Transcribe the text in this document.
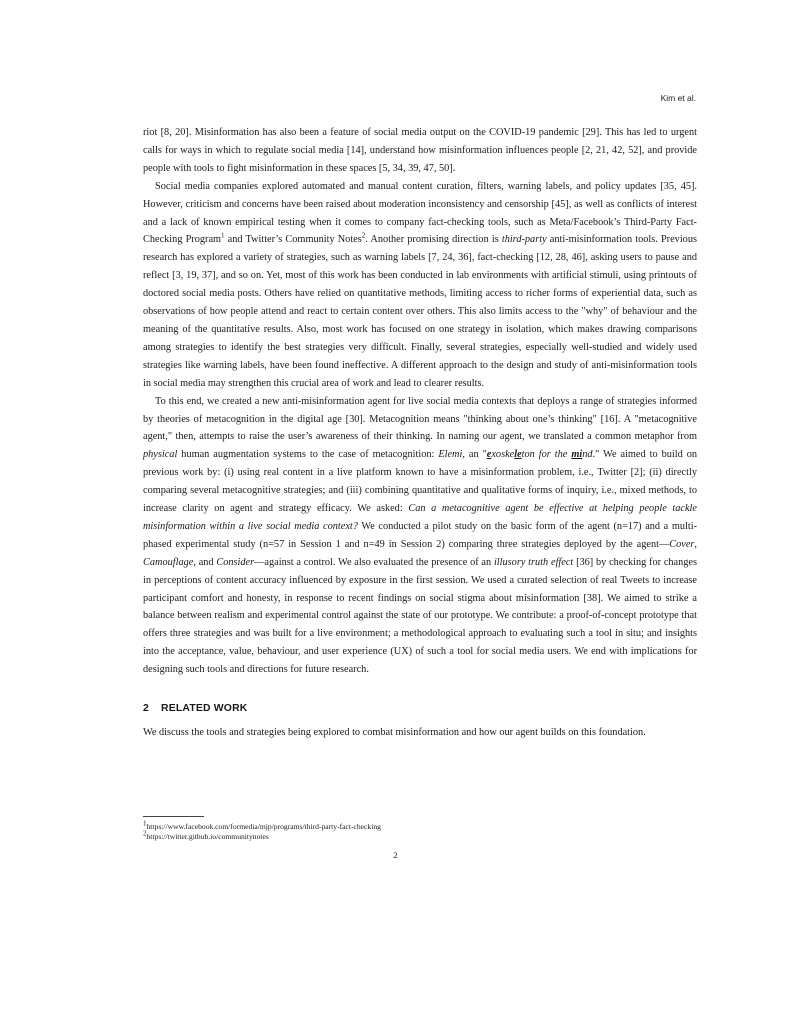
Kim et al.

riot [8, 20]. Misinformation has also been a feature of social media output on the COVID-19 pandemic [29]. This has led to urgent calls for ways in which to regulate social media [14], understand how misinformation influences people [2, 21, 42, 52], and provide people with tools to fight misinformation in these spaces [5, 34, 39, 47, 50].

Social media companies explored automated and manual content curation, filters, warning labels, and policy updates [35, 45]. However, criticism and concerns have been raised about moderation inconsistency and censorship [45], as well as conflicts of interest and a lack of known empirical testing when it comes to company fact-checking tools, such as Meta/Facebook’s Third-Party Fact-Checking Program$^1$ and Twitter’s Community Notes$^2$. Another promising direction is third-party anti-misinformation tools. Previous research has explored a variety of strategies, such as warning labels [7, 24, 36], fact-checking [12, 28, 46], asking users to pause and reflect [3, 19, 37], and so on. Yet, most of this work has been conducted in lab environments with artificial stimuli, using printouts of doctored social media posts. Others have relied on quantitative methods, limiting access to richer forms of experiential data, such as observations of how people attend and react to certain content over others. This also limits access to the "why" of behaviour and the meaning of the quantitative results. Also, most work has focused on one strategy in isolation, which makes drawing comparisons among strategies to identify the best strategies very difficult. Finally, several strategies, especially well-studied and widely used strategies like warning labels, have been found ineffective. A different approach to the design and study of anti-misinformation tools in social media may strengthen this crucial area of work and lead to clearer results.

To this end, we created a new anti-misinformation agent for live social media contexts that deploys a range of strategies informed by theories of metacognition in the digital age [30]. Metacognition means "thinking about one’s thinking" [16]. A "metacognitive agent," then, attempts to raise the user’s awareness of their thinking. In naming our agent, we translated a common metaphor from physical human augmentation systems to the case of metacognition: Elemi, an "exoskeleton for the mind." We aimed to build on previous work by: (i) using real content in a live platform known to have a misinformation problem, i.e., Twitter [2]; (ii) directly comparing several metacognitive strategies; and (iii) combining quantitative and qualitative forms of inquiry, i.e., mixed methods, to increase clarity on agent and strategy efficacy. We asked: Can a metacognitive agent be effective at helping people tackle misinformation within a live social media context? We conducted a pilot study on the basic form of the agent (n=17) and a multi-phased experimental study (n=57 in Session 1 and n=49 in Session 2) comparing three strategies deployed by the agent—Cover, Camouflage, and Consider—against a control. We also evaluated the presence of an illusory truth effect [36] by checking for changes in perceptions of content accuracy influenced by exposure in the first session. We used a curated selection of real Tweets to increase participant comfort and honesty, in response to recent findings on social stigma about misinformation [38]. We aimed to strike a balance between realism and experimental control against the state of our prototype. We contribute: a proof-of-concept prototype that offers three strategies and was built for a live environment; a methodological approach to evaluating such a tool in situ; and insights into the acceptance, value, behaviour, and user experience (UX) of such a tool for social media users. We end with implications for designing such tools and directions for future research.

2 RELATED WORK
We discuss the tools and strategies being explored to combat misinformation and how our agent builds on this foundation.
$^1$https://www.facebook.com/formedia/mjp/programs/third-party-fact-checking
$^2$https://twitter.github.io/communitynotes
2
